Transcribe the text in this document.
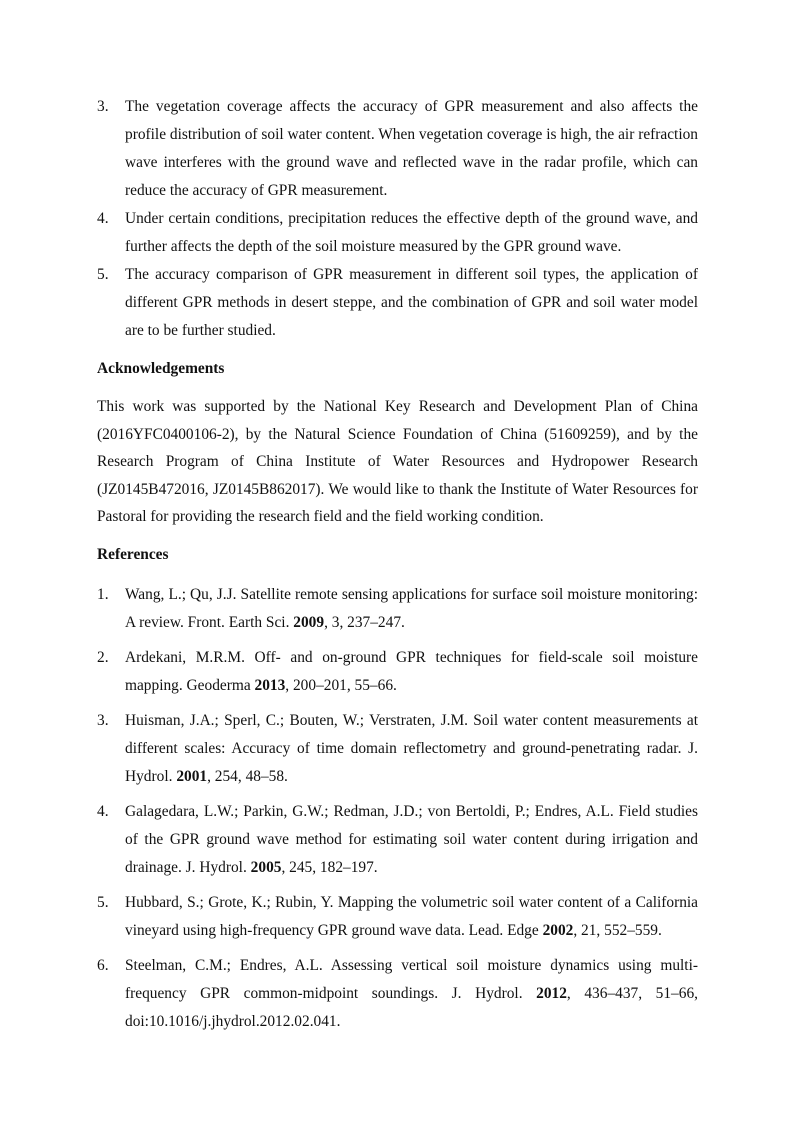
3. The vegetation coverage affects the accuracy of GPR measurement and also affects the profile distribution of soil water content. When vegetation coverage is high, the air refraction wave interferes with the ground wave and reflected wave in the radar profile, which can reduce the accuracy of GPR measurement.
4. Under certain conditions, precipitation reduces the effective depth of the ground wave, and further affects the depth of the soil moisture measured by the GPR ground wave.
5. The accuracy comparison of GPR measurement in different soil types, the application of different GPR methods in desert steppe, and the combination of GPR and soil water model are to be further studied.
Acknowledgements

This work was supported by the National Key Research and Development Plan of China (2016YFC0400106-2), by the Natural Science Foundation of China (51609259), and by the Research Program of China Institute of Water Resources and Hydropower Research (JZ0145B472016, JZ0145B862017). We would like to thank the Institute of Water Resources for Pastoral for providing the research field and the field working condition.

References
1. Wang, L.; Qu, J.J. Satellite remote sensing applications for surface soil moisture monitoring: A review. Front. Earth Sci. 2009, 3, 237–247.
2. Ardekani, M.R.M. Off- and on-ground GPR techniques for field-scale soil moisture mapping. Geoderma 2013, 200–201, 55–66.
3. Huisman, J.A.; Sperl, C.; Bouten, W.; Verstraten, J.M. Soil water content measurements at different scales: Accuracy of time domain reflectometry and ground-penetrating radar. J. Hydrol. 2001, 254, 48–58.
4. Galagedara, L.W.; Parkin, G.W.; Redman, J.D.; von Bertoldi, P.; Endres, A.L. Field studies of the GPR ground wave method for estimating soil water content during irrigation and drainage. J. Hydrol. 2005, 245, 182–197.
5. Hubbard, S.; Grote, K.; Rubin, Y. Mapping the volumetric soil water content of a California vineyard using high-frequency GPR ground wave data. Lead. Edge 2002, 21, 552–559.
6. Steelman, C.M.; Endres, A.L. Assessing vertical soil moisture dynamics using multi-frequency GPR common-midpoint soundings. J. Hydrol. 2012, 436–437, 51–66, doi:10.1016/j.jhydrol.2012.02.041.
